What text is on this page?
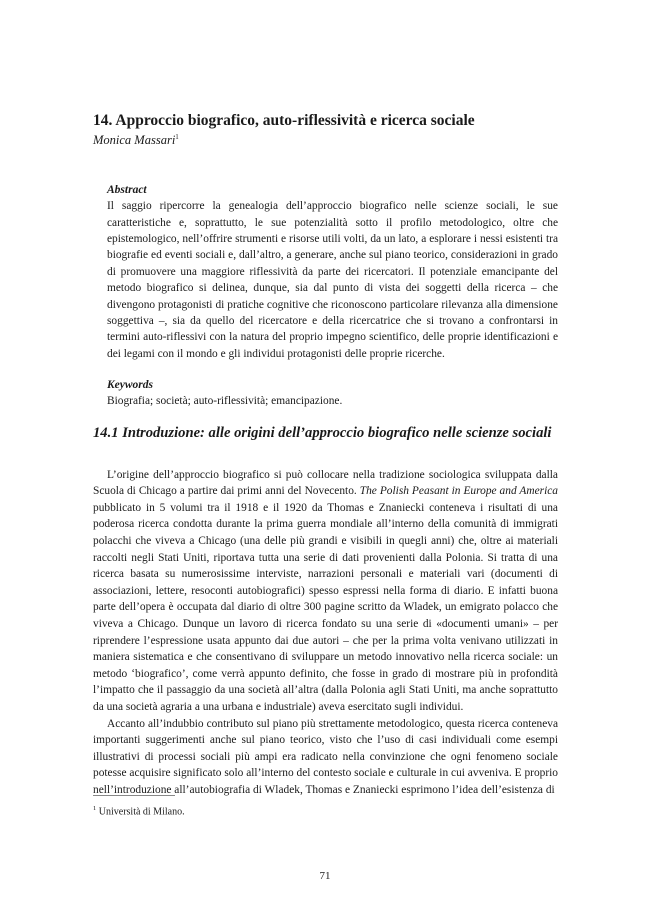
14. Approccio biografico, auto-riflessività e ricerca sociale

Monica Massari$^1$

Abstract

Il saggio ripercorre la genealogia dell’approccio biografico nelle scienze sociali, le sue caratteristiche e, soprattutto, le sue potenzialità sotto il profilo metodologico, oltre che epistemologico, nell’offrire strumenti e risorse utili volti, da un lato, a esplorare i nessi esistenti tra biografie ed eventi sociali e, dall’altro, a generare, anche sul piano teorico, considerazioni in grado di promuovere una maggiore riflessività da parte dei ricercatori. Il potenziale emancipante del metodo biografico si delinea, dunque, sia dal punto di vista dei soggetti della ricerca – che divengono protagonisti di pratiche cognitive che riconoscono particolare rilevanza alla dimensione soggettiva –, sia da quello del ricercatore e della ricercatrice che si trovano a confrontarsi in termini auto-riflessivi con la natura del proprio impegno scientifico, delle proprie identificazioni e dei legami con il mondo e gli individui protagonisti delle proprie ricerche.

Keywords

Biografia; società; auto-riflessività; emancipazione.

14.1 Introduzione: alle origini dell’approccio biografico nelle scienze sociali

L’origine dell’approccio biografico si può collocare nella tradizione sociologica sviluppata dalla Scuola di Chicago a partire dai primi anni del Novecento. The Polish Peasant in Europe and America pubblicato in 5 volumi tra il 1918 e il 1920 da Thomas e Znaniecki conteneva i risultati di una poderosa ricerca condotta durante la prima guerra mondiale all’interno della comunità di immigrati polacchi che viveva a Chicago (una delle più grandi e visibili in quegli anni) che, oltre ai materiali raccolti negli Stati Uniti, riportava tutta una serie di dati provenienti dalla Polonia. Si tratta di una ricerca basata su numerosissime interviste, narrazioni personali e materiali vari (documenti di associazioni, lettere, resoconti autobiografici) spesso espressi nella forma di diario. E infatti buona parte dell’opera è occupata dal diario di oltre 300 pagine scritto da Wladek, un emigrato polacco che viveva a Chicago. Dunque un lavoro di ricerca fondato su una serie di «documenti umani» – per riprendere l’espressione usata appunto dai due autori – che per la prima volta venivano utilizzati in maniera sistematica e che consentivano di sviluppare un metodo innovativo nella ricerca sociale: un metodo ‘biografico’, come verrà appunto definito, che fosse in grado di mostrare più in profondità l’impatto che il passaggio da una società all’altra (dalla Polonia agli Stati Uniti, ma anche soprattutto da una società agraria a una urbana e industriale) aveva esercitato sugli individui.

Accanto all’indubbio contributo sul piano più strettamente metodologico, questa ricerca conteneva importanti suggerimenti anche sul piano teorico, visto che l’uso di casi individuali come esempi illustrativi di processi sociali più ampi era radicato nella convinzione che ogni fenomeno sociale potesse acquisire significato solo all’interno del contesto sociale e culturale in cui avveniva. E proprio nell’introduzione all’autobiografia di Wladek, Thomas e Znaniecki esprimono l’idea dell’esistenza di

$^1$ Università di Milano.
71
